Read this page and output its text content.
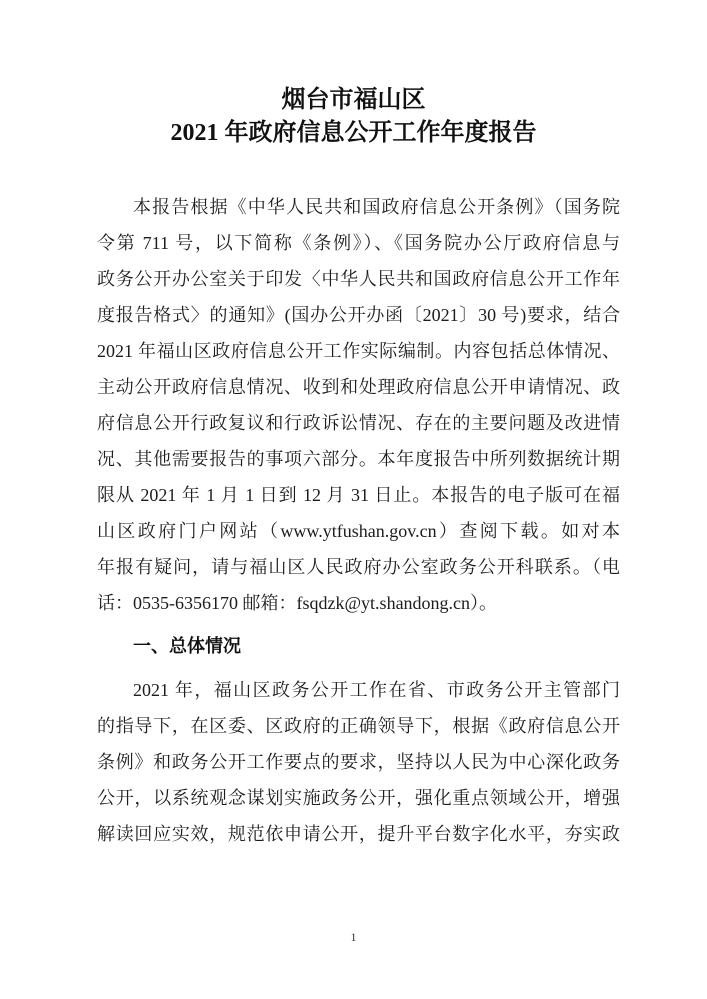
烟台市福山区
2021 年政府信息公开工作年度报告
本报告根据《中华人民共和国政府信息公开条例》（国务院
令第 711 号，以下简称《条例》）、《国务院办公厅政府信息与
政务公开办公室关于印发〈中华人民共和国政府信息公开工作年
度报告格式〉的通知》(国办公开办函〔2021〕30 号)要求，结合
2021 年福山区政府信息公开工作实际编制。内容包括总体情况、
主动公开政府信息情况、收到和处理政府信息公开申请情况、政
府信息公开行政复议和行政诉讼情况、存在的主要问题及改进情
况、其他需要报告的事项六部分。本年度报告中所列数据统计期
限从 2021 年 1 月 1 日到 12 月 31 日止。本报告的电子版可在福
山区政府门户网站（www.ytfushan.gov.cn）查阅下载。如对本
年报有疑问，请与福山区人民政府办公室政务公开科联系。（电
话：0535-6356170 邮箱：fsqdzk@yt.shandong.cn）。
一、总体情况
2021 年，福山区政务公开工作在省、市政务公开主管部门
的指导下，在区委、区政府的正确领导下，根据《政府信息公开
条例》和政务公开工作要点的要求，坚持以人民为中心深化政务
公开，以系统观念谋划实施政务公开，强化重点领域公开，增强
解读回应实效，规范依申请公开，提升平台数字化水平，夯实政
1
